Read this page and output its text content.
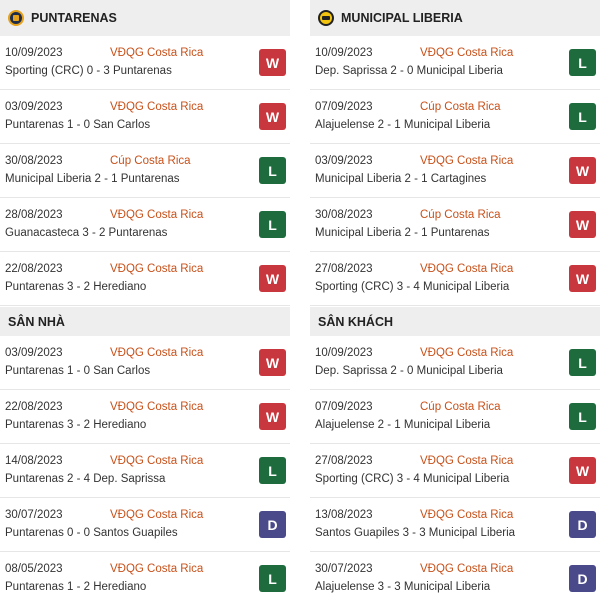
PUNTARENAS
10/09/2023	VĐQG Costa Rica
Sporting (CRC) 0 - 3 Puntarenas
W
03/09/2023	VĐQG Costa Rica
Puntarenas 1 - 0 San Carlos
W
30/08/2023	Cúp Costa Rica
Municipal Liberia 2 - 1 Puntarenas
L
28/08/2023	VĐQG Costa Rica
Guanacasteca 3 - 2 Puntarenas
L
22/08/2023	VĐQG Costa Rica
Puntarenas 3 - 2 Herediano
W
SÂN NHÀ
03/09/2023	VĐQG Costa Rica
Puntarenas 1 - 0 San Carlos
W
22/08/2023	VĐQG Costa Rica
Puntarenas 3 - 2 Herediano
W
14/08/2023	VĐQG Costa Rica
Puntarenas 2 - 4 Dep. Saprissa
L
30/07/2023	VĐQG Costa Rica
Puntarenas 0 - 0 Santos Guapiles
D
08/05/2023	VĐQG Costa Rica
Puntarenas 1 - 2 Herediano
L
MUNICIPAL LIBERIA
10/09/2023	VĐQG Costa Rica
Dep. Saprissa 2 - 0 Municipal Liberia
L
07/09/2023	Cúp Costa Rica
Alajuelense 2 - 1 Municipal Liberia
L
03/09/2023	VĐQG Costa Rica
Municipal Liberia 2 - 1 Cartagines
W
30/08/2023	Cúp Costa Rica
Municipal Liberia 2 - 1 Puntarenas
W
27/08/2023	VĐQG Costa Rica
Sporting (CRC) 3 - 4 Municipal Liberia
W
SÂN KHÁCH
10/09/2023	VĐQG Costa Rica
Dep. Saprissa 2 - 0 Municipal Liberia
L
07/09/2023	Cúp Costa Rica
Alajuelense 2 - 1 Municipal Liberia
L
27/08/2023	VĐQG Costa Rica
Sporting (CRC) 3 - 4 Municipal Liberia
W
13/08/2023	VĐQG Costa Rica
Santos Guapiles 3 - 3 Municipal Liberia
D
30/07/2023	VĐQG Costa Rica
Alajuelense 3 - 3 Municipal Liberia
D
